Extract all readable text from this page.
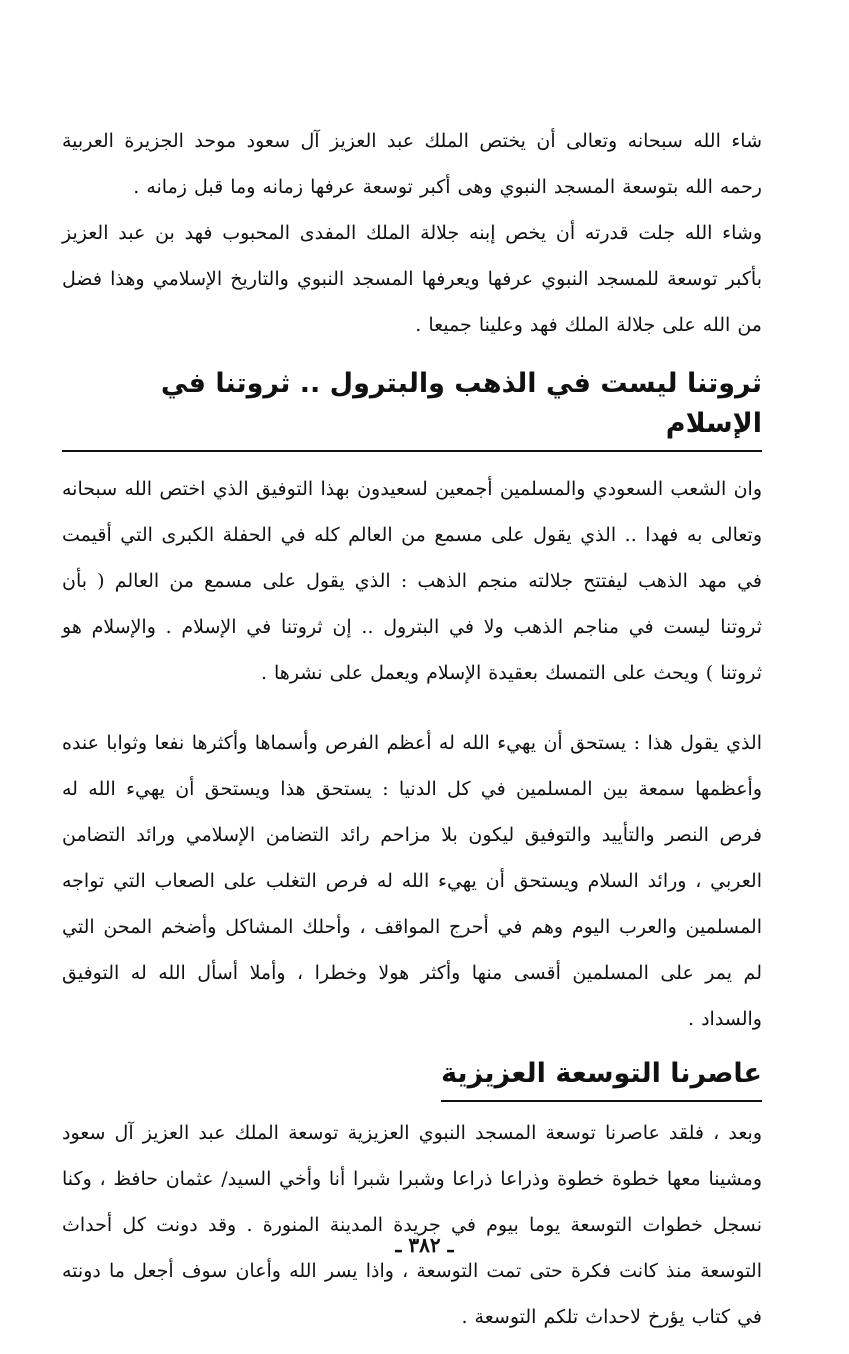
شاء الله سبحانه وتعالى أن يختص الملك عبد العزيز آل سعود موحد الجزيرة العربية رحمه الله بتوسعة المسجد النبوي وهى أكبر توسعة عرفها زمانه وما قبل زمانه .

وشاء الله جلت قدرته أن يخص إبنه جلالة الملك المفدى المحبوب فهد بن عبد العزيز بأكبر توسعة للمسجد النبوي عرفها ويعرفها المسجد النبوي والتاريخ الإسلامي وهذا فضل من الله على جلالة الملك فهد وعلينا جميعا .

ثروتنا ليست في الذهب والبترول .. ثروتنا في الإسلام

وان الشعب السعودي والمسلمين أجمعين لسعيدون بهذا التوفيق الذي اختص الله سبحانه وتعالى به فهدا .. الذي يقول على مسمع من العالم كله في الحفلة الكبرى التي أقيمت في مهد الذهب ليفتتح جلالته منجم الذهب : الذي يقول على مسمع من العالم ( بأن ثروتنا ليست في مناجم الذهب ولا في البترول .. إن ثروتنا في الإسلام . والإسلام هو ثروتنا ) ويحث على التمسك بعقيدة الإسلام ويعمل على نشرها .

الذي يقول هذا : يستحق أن يهيء الله له أعظم الفرص وأسماها وأكثرها نفعا وثوابا عنده وأعظمها سمعة بين المسلمين في كل الدنيا : يستحق هذا ويستحق أن يهيء الله له فرص النصر والتأييد والتوفيق ليكون بلا مزاحم رائد التضامن الإسلامي ورائد التضامن العربي ، ورائد السلام ويستحق أن يهيء الله له فرص التغلب على الصعاب التي تواجه المسلمين والعرب اليوم وهم في أحرج المواقف ، وأحلك المشاكل وأضخم المحن التي لم يمر على المسلمين أقسى منها وأكثر هولا وخطرا ، وأملا أسأل الله له التوفيق والسداد .

عاصرنا التوسعة العزيزية

وبعد ، فلقد عاصرنا توسعة المسجد النبوي العزيزية توسعة الملك عبد العزيز آل سعود ومشينا معها خطوة خطوة وذراعا ذراعا وشبرا شبرا أنا وأخي السيد/ عثمان حافظ ، وكنا نسجل خطوات التوسعة يوما بيوم في جريدة المدينة المنورة . وقد دونت كل أحداث التوسعة منذ كانت فكرة حتى تمت التوسعة ، واذا يسر الله وأعان سوف أجعل ما دونته في كتاب يؤرخ لاحداث تلكم التوسعة .

ـ ٣٨٢ ـ
